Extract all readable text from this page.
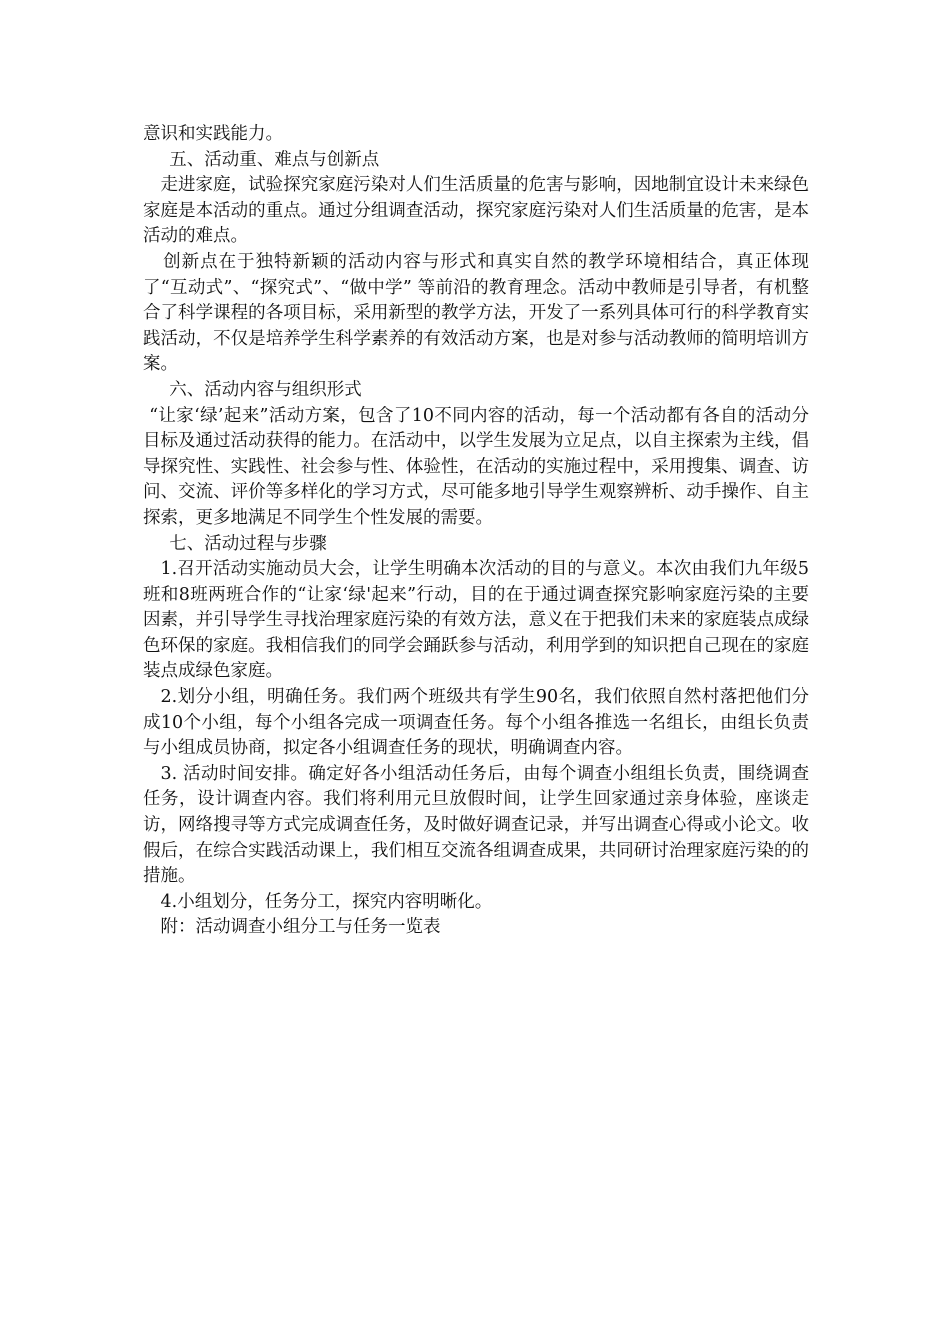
意识和实践能力。

五、活动重、难点与创新点

走进家庭，试验探究家庭污染对人们生活质量的危害与影响，因地制宜设计未来绿色家庭是本活动的重点。通过分组调查活动，探究家庭污染对人们生活质量的危害，是本活动的难点。

创新点在于独特新颖的活动内容与形式和真实自然的教学环境相结合，真正体现了“互动式”、“探究式”、“做中学” 等前沿的教育理念。活动中教师是引导者，有机整合了科学课程的各项目标，采用新型的教学方法，开发了一系列具体可行的科学教育实践活动，不仅是培养学生科学素养的有效活动方案，也是对参与活动教师的简明培训方案。

六、活动内容与组织形式

“让家‘绿’起来”活动方案，包含了10不同内容的活动，每一个活动都有各自的活动分目标及通过活动获得的能力。在活动中，以学生发展为立足点，以自主探索为主线，倡导探究性、实践性、社会参与性、体验性，在活动的实施过程中，采用搜集、调查、访问、交流、评价等多样化的学习方式，尽可能多地引导学生观察辨析、动手操作、自主探索，更多地满足不同学生个性发展的需要。

七、活动过程与步骤

1.召开活动实施动员大会，让学生明确本次活动的目的与意义。本次由我们九年级5班和8班两班合作的“让家‘绿'起来”行动，目的在于通过调查探究影响家庭污染的主要因素，并引导学生寻找治理家庭污染的有效方法，意义在于把我们未来的家庭装点成绿色环保的家庭。我相信我们的同学会踊跃参与活动，利用学到的知识把自己现在的家庭装点成绿色家庭。

2.划分小组，明确任务。我们两个班级共有学生90名，我们依照自然村落把他们分成10个小组，每个小组各完成一项调查任务。每个小组各推选一名组长，由组长负责与小组成员协商，拟定各小组调查任务的现状，明确调查内容。

3. 活动时间安排。确定好各小组活动任务后，由每个调查小组组长负责，围绕调查任务，设计调查内容。我们将利用元旦放假时间，让学生回家通过亲身体验，座谈走访，网络搜寻等方式完成调查任务，及时做好调查记录，并写出调查心得或小论文。收假后，在综合实践活动课上，我们相互交流各组调查成果，共同研讨治理家庭污染的的措施。

4.小组划分，任务分工，探究内容明晰化。

附：活动调查小组分工与任务一览表
